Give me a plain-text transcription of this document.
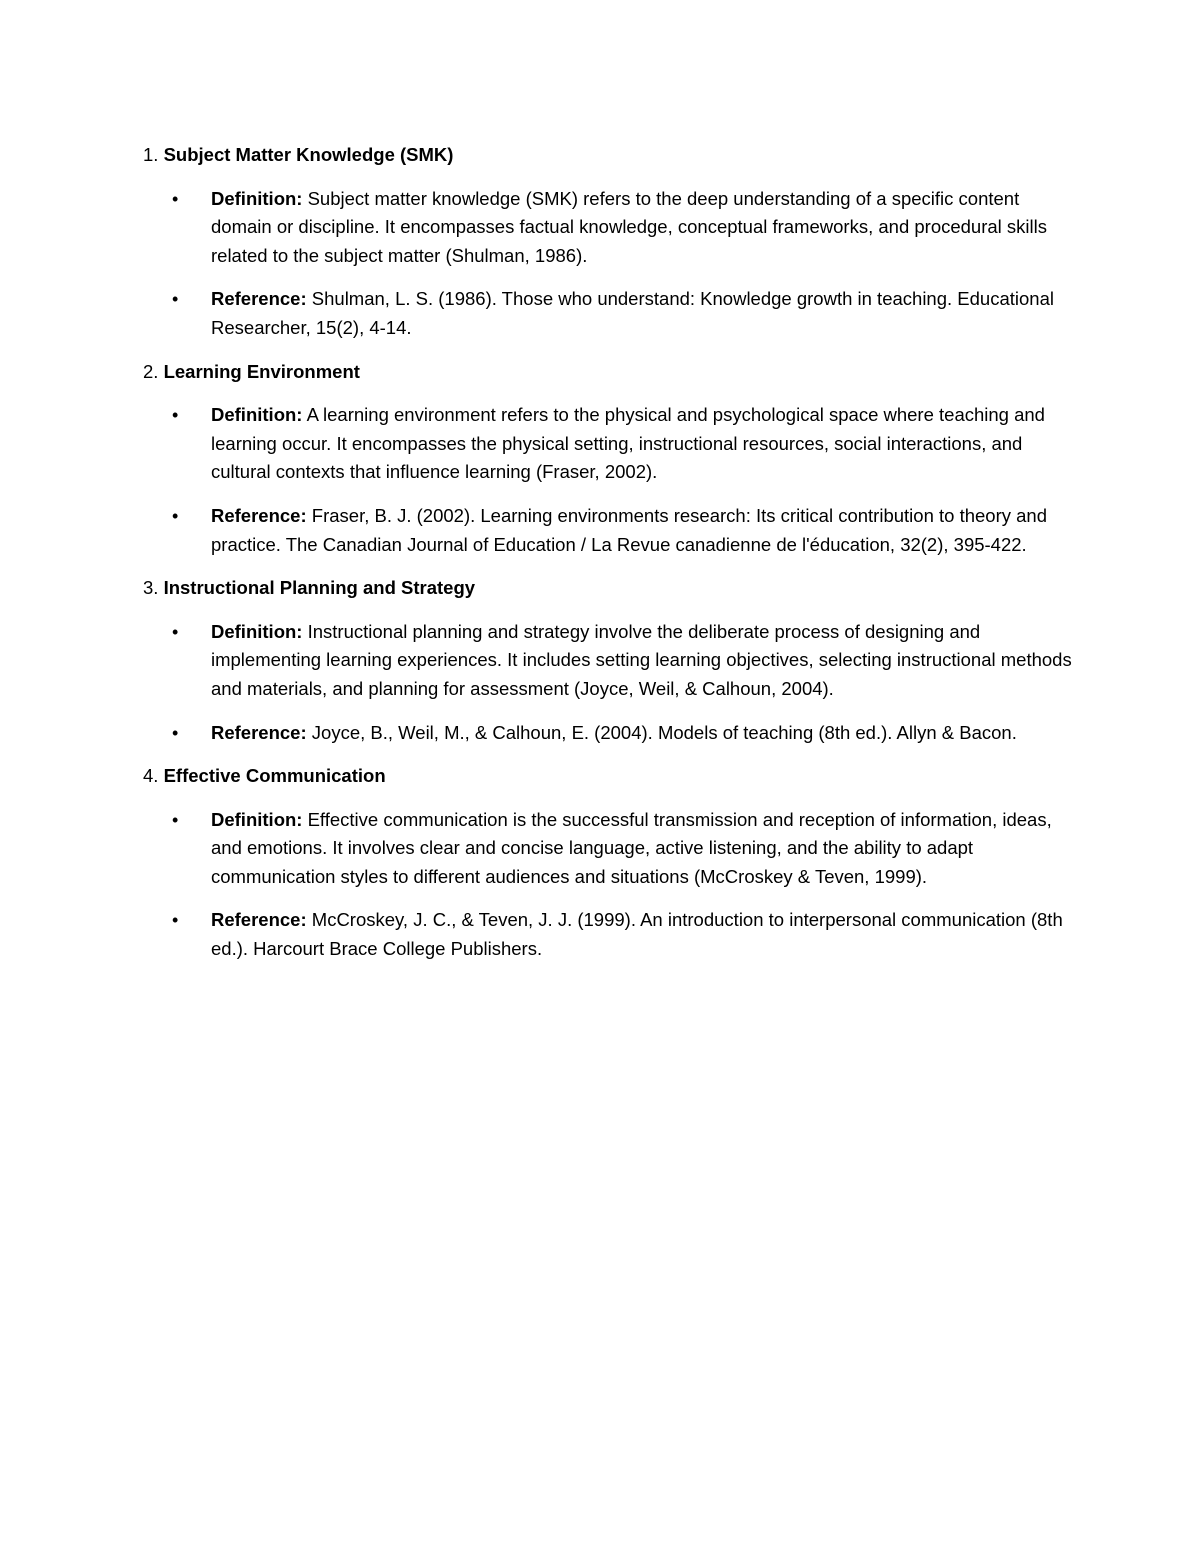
1. Subject Matter Knowledge (SMK)

• Definition: Subject matter knowledge (SMK) refers to the deep understanding of a specific content domain or discipline. It encompasses factual knowledge, conceptual frameworks, and procedural skills related to the subject matter (Shulman, 1986).
• Reference: Shulman, L. S. (1986). Those who understand: Knowledge growth in teaching. Educational Researcher, 15(2), 4-14.

2. Learning Environment

• Definition: A learning environment refers to the physical and psychological space where teaching and learning occur. It encompasses the physical setting, instructional resources, social interactions, and cultural contexts that influence learning (Fraser, 2002).
• Reference: Fraser, B. J. (2002). Learning environments research: Its critical contribution to theory and practice. The Canadian Journal of Education / La Revue canadienne de l'éducation, 32(2), 395-422.

3. Instructional Planning and Strategy

• Definition: Instructional planning and strategy involve the deliberate process of designing and implementing learning experiences. It includes setting learning objectives, selecting instructional methods and materials, and planning for assessment (Joyce, Weil, & Calhoun, 2004).
• Reference: Joyce, B., Weil, M., & Calhoun, E. (2004). Models of teaching (8th ed.). Allyn & Bacon.

4. Effective Communication

• Definition: Effective communication is the successful transmission and reception of information, ideas, and emotions. It involves clear and concise language, active listening, and the ability to adapt communication styles to different audiences and situations (McCroskey & Teven, 1999).
• Reference: McCroskey, J. C., & Teven, J. J. (1999). An introduction to interpersonal communication (8th ed.). Harcourt Brace College Publishers.
